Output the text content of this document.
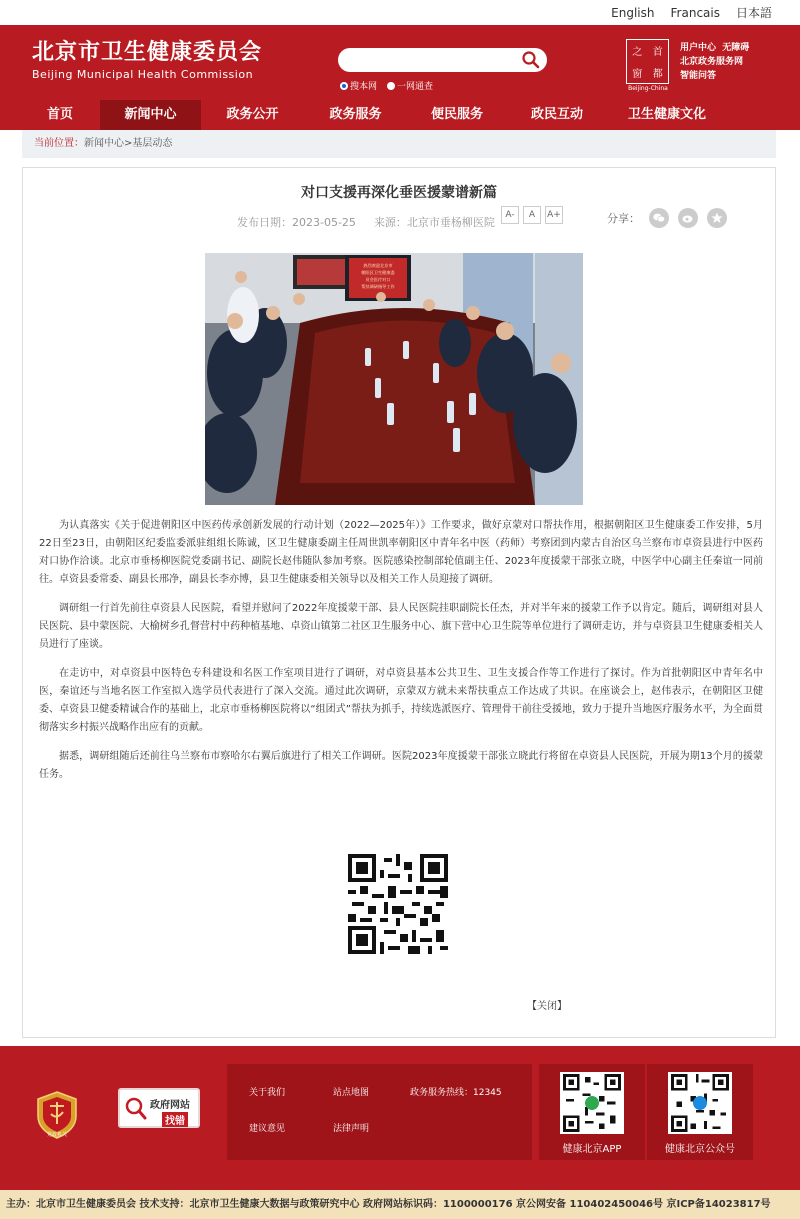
English Francais 日本語
北京市卫生健康委员会
Beijing Municipal Health Commission
搜本网 一网通查
之	首
窗	都
Beijing-China
用户中心 无障碍
北京政务服务网
智能问答
首页	新闻中心	政务公开	政务服务	便民服务	政民互动	卫生健康文化
当前位置：新闻中心>基层动态
对口支援再深化垂医援蒙谱新篇
发布日期：2023-05-25 来源：北京市垂杨柳医院
A-	A	A+	分享：
热烈欢迎北京市
朝阳区卫生健康委
员会医疗对口
帮扶调研指导工作

为认真落实《关于促进朝阳区中医药传承创新发展的行动计划（2022—2025年）》工作要求，做好京蒙对口帮扶作用，根据朝阳区卫生健康委工作安排，5月22日至23日，由朝阳区纪委监委派驻组组长陈诚，区卫生健康委副主任周世凯率朝阳区中青年名中医（药师）考察团到内蒙古自治区乌兰察布市卓资县进行中医药对口协作洽谈。北京市垂杨柳医院党委副书记、副院长赵伟随队参加考察。医院感染控制部轮值副主任、2023年度援蒙干部张立晓，中医学中心副主任秦谊一同前往。卓资县委常委、副县长邢净，副县长李亦博，县卫生健康委相关领导以及相关工作人员迎接了调研。

调研组一行首先前往卓资县人民医院，看望并慰问了2022年度援蒙干部、县人民医院挂职副院长任杰，并对半年来的援蒙工作予以肯定。随后，调研组对县人民医院、县中蒙医院、大榆树乡孔督营村中药种植基地、卓资山镇第二社区卫生服务中心、旗下营中心卫生院等单位进行了调研走访，并与卓资县卫生健康委相关人员进行了座谈。

在走访中，对卓资县中医特色专科建设和名医工作室项目进行了调研，对卓资县基本公共卫生、卫生支援合作等工作进行了探讨。作为首批朝阳区中青年名中医，秦谊还与当地名医工作室拟入选学员代表进行了深入交流。通过此次调研，京蒙双方就未来帮扶重点工作达成了共识。在座谈会上，赵伟表示，在朝阳区卫健委、卓资县卫健委精诚合作的基础上，北京市垂杨柳医院将以“组团式”帮扶为抓手，持续选派医疗、管理骨干前往受援地，致力于提升当地医疗服务水平，为全面贯彻落实乡村振兴战略作出应有的贡献。

据悉，调研组随后还前往乌兰察布市察哈尔右翼后旗进行了相关工作调研。医院2023年度援蒙干部张立晓此行将留在卓资县人民医院，开展为期13个月的援蒙任务。

【关闭】
党政机关
政府网站
找错
关于我们	站点地图	政务服务热线：12345
建议意见	法律声明
健康北京APP	健康北京公众号
主办：北京市卫生健康委员会 技术支持：北京市卫生健康大数据与政策研究中心 政府网站标识码：1100000176 京公网安备 110402450046号 京ICP备14023817号
